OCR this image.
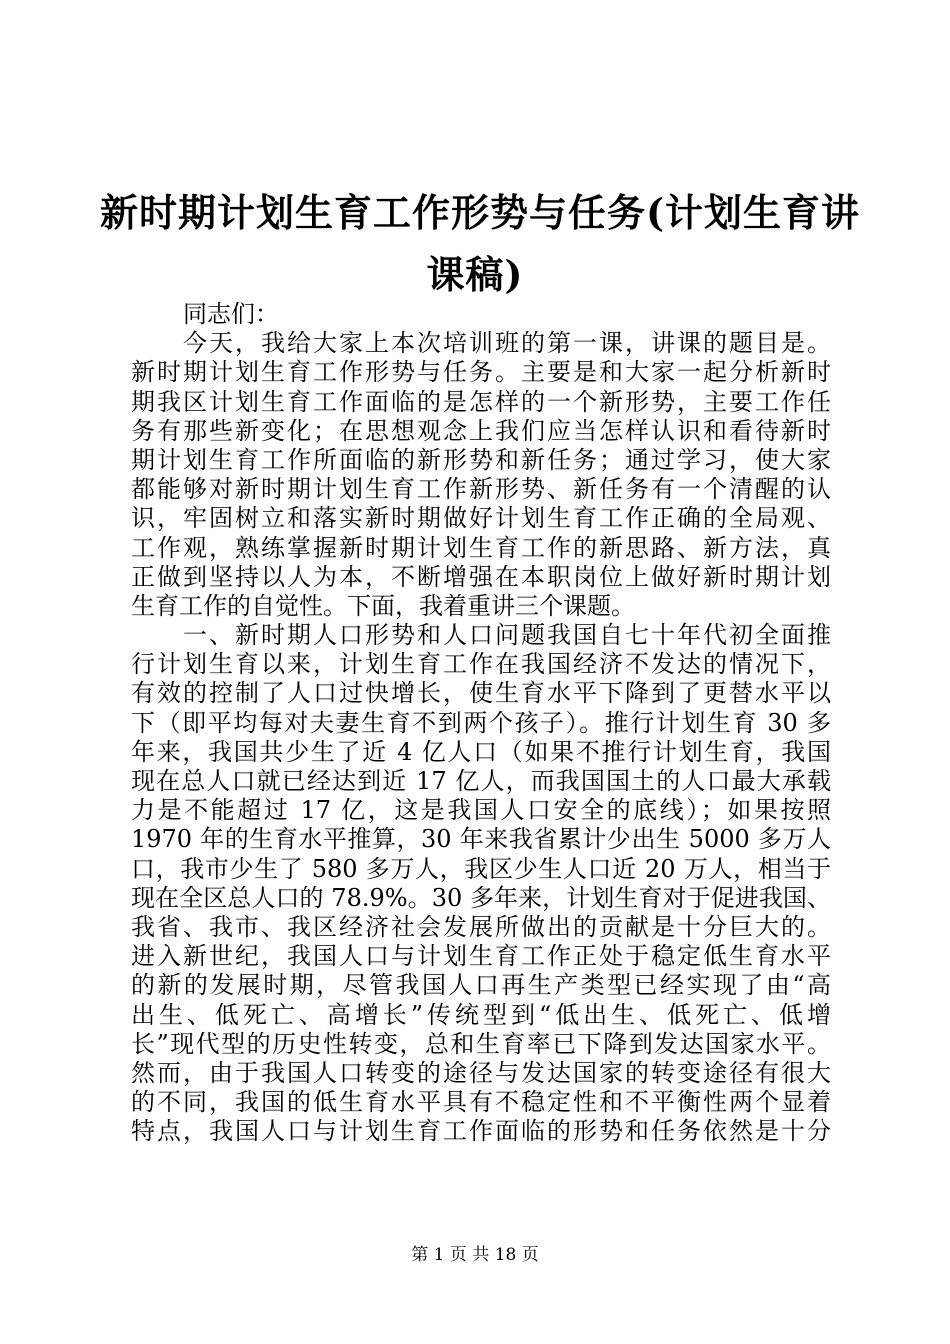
新时期计划生育工作形势与任务(计划生育讲
课稿)
同志们：
今天，我给大家上本次培训班的第一课，讲课的题目是。
新时期计划生育工作形势与任务。主要是和大家一起分析新时
期我区计划生育工作面临的是怎样的一个新形势，主要工作任
务有那些新变化；在思想观念上我们应当怎样认识和看待新时
期计划生育工作所面临的新形势和新任务；通过学习，使大家
都能够对新时期计划生育工作新形势、新任务有一个清醒的认
识，牢固树立和落实新时期做好计划生育工作正确的全局观、
工作观，熟练掌握新时期计划生育工作的新思路、新方法，真
正做到坚持以人为本，不断增强在本职岗位上做好新时期计划
生育工作的自觉性。下面，我着重讲三个课题。
一、新时期人口形势和人口问题我国自七十年代初全面推
行计划生育以来，计划生育工作在我国经济不发达的情况下，
有效的控制了人口过快增长，使生育水平下降到了更替水平以
下（即平均每对夫妻生育不到两个孩子）。推行计划生育 30 多
年来，我国共少生了近 4 亿人口（如果不推行计划生育，我国
现在总人口就已经达到近 17 亿人，而我国国土的人口最大承载
力是不能超过 17 亿，这是我国人口安全的底线）；如果按照
1970 年的生育水平推算，30 年来我省累计少出生 5000 多万人
口，我市少生了 580 多万人，我区少生人口近 20 万人，相当于
现在全区总人口的 78.9%。30 多年来，计划生育对于促进我国、
我省、我市、我区经济社会发展所做出的贡献是十分巨大的。
进入新世纪，我国人口与计划生育工作正处于稳定低生育水平
的新的发展时期，尽管我国人口再生产类型已经实现了由“高
出生、低死亡、高增长”传统型到“低出生、低死亡、低增
长”现代型的历史性转变，总和生育率已下降到发达国家水平。
然而，由于我国人口转变的途径与发达国家的转变途径有很大
的不同，我国的低生育水平具有不稳定性和不平衡性两个显着
特点，我国人口与计划生育工作面临的形势和任务依然是十分
第 1 页 共 18 页
